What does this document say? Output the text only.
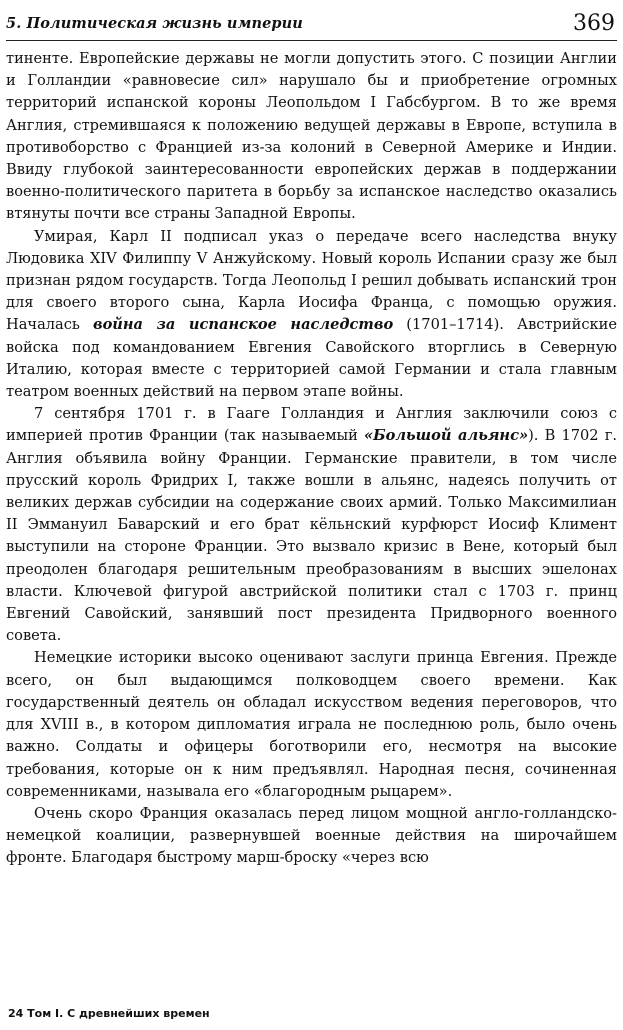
5. Политическая жизнь империи	369

тиненте. Европейские державы не могли допустить этого. С позиции Англии и Голландии «равновесие сил» нарушало бы и приобретение огромных территорий испанской короны Леопольдом I Габсбургом. В то же время Англия, стремившаяся к положению ведущей державы в Европе, вступила в противоборство с Францией из-за колоний в Северной Америке и Индии. Ввиду глубокой заинтересованности европейских держав в поддержании военно-политического паритета в борьбу за испанское наследство оказались втянуты почти все страны Западной Европы.

Умирая, Карл II подписал указ о передаче всего наследства внуку Людовика XIV Филиппу V Анжуйскому. Новый король Испании сразу же был признан рядом государств. Тогда Леопольд I решил добывать испанский трон для своего второго сына, Карла Иосифа Франца, с помощью оружия. Началась война за испанское наследство (1701–1714). Австрийские войска под командованием Евгения Савойского вторглись в Северную Италию, которая вместе с территорией самой Германии и стала главным театром военных действий на первом этапе войны.

7 сентября 1701 г. в Гааге Голландия и Англия заключили союз с империей против Франции (так называемый «Большой альянс»). В 1702 г. Англия объявила войну Франции. Германские правители, в том числе прусский король Фридрих I, также вошли в альянс, надеясь получить от великих держав субсидии на содержание своих армий. Только Максимилиан II Эммануил Баварский и его брат кёльнский курфюрст Иосиф Климент выступили на стороне Франции. Это вызвало кризис в Вене, который был преодолен благодаря решительным преобразованиям в высших эшелонах власти. Ключевой фигурой австрийской политики стал с 1703 г. принц Евгений Савойский, занявший пост президента Придворного военного совета.

Немецкие историки высоко оценивают заслуги принца Евгения. Прежде всего, он был выдающимся полководцем своего времени. Как государственный деятель он обладал искусством ведения переговоров, что для XVIII в., в котором дипломатия играла не последнюю роль, было очень важно. Солдаты и офицеры боготворили его, несмотря на высокие требования, которые он к ним предъявлял. Народная песня, сочиненная современниками, называла его «благородным рыцарем».

Очень скоро Франция оказалась перед лицом мощной англо-голландско-немецкой коалиции, развернувшей военные действия на широчайшем фронте. Благодаря быстрому марш-броску «через всю

24 Том I. С древнейших времен
